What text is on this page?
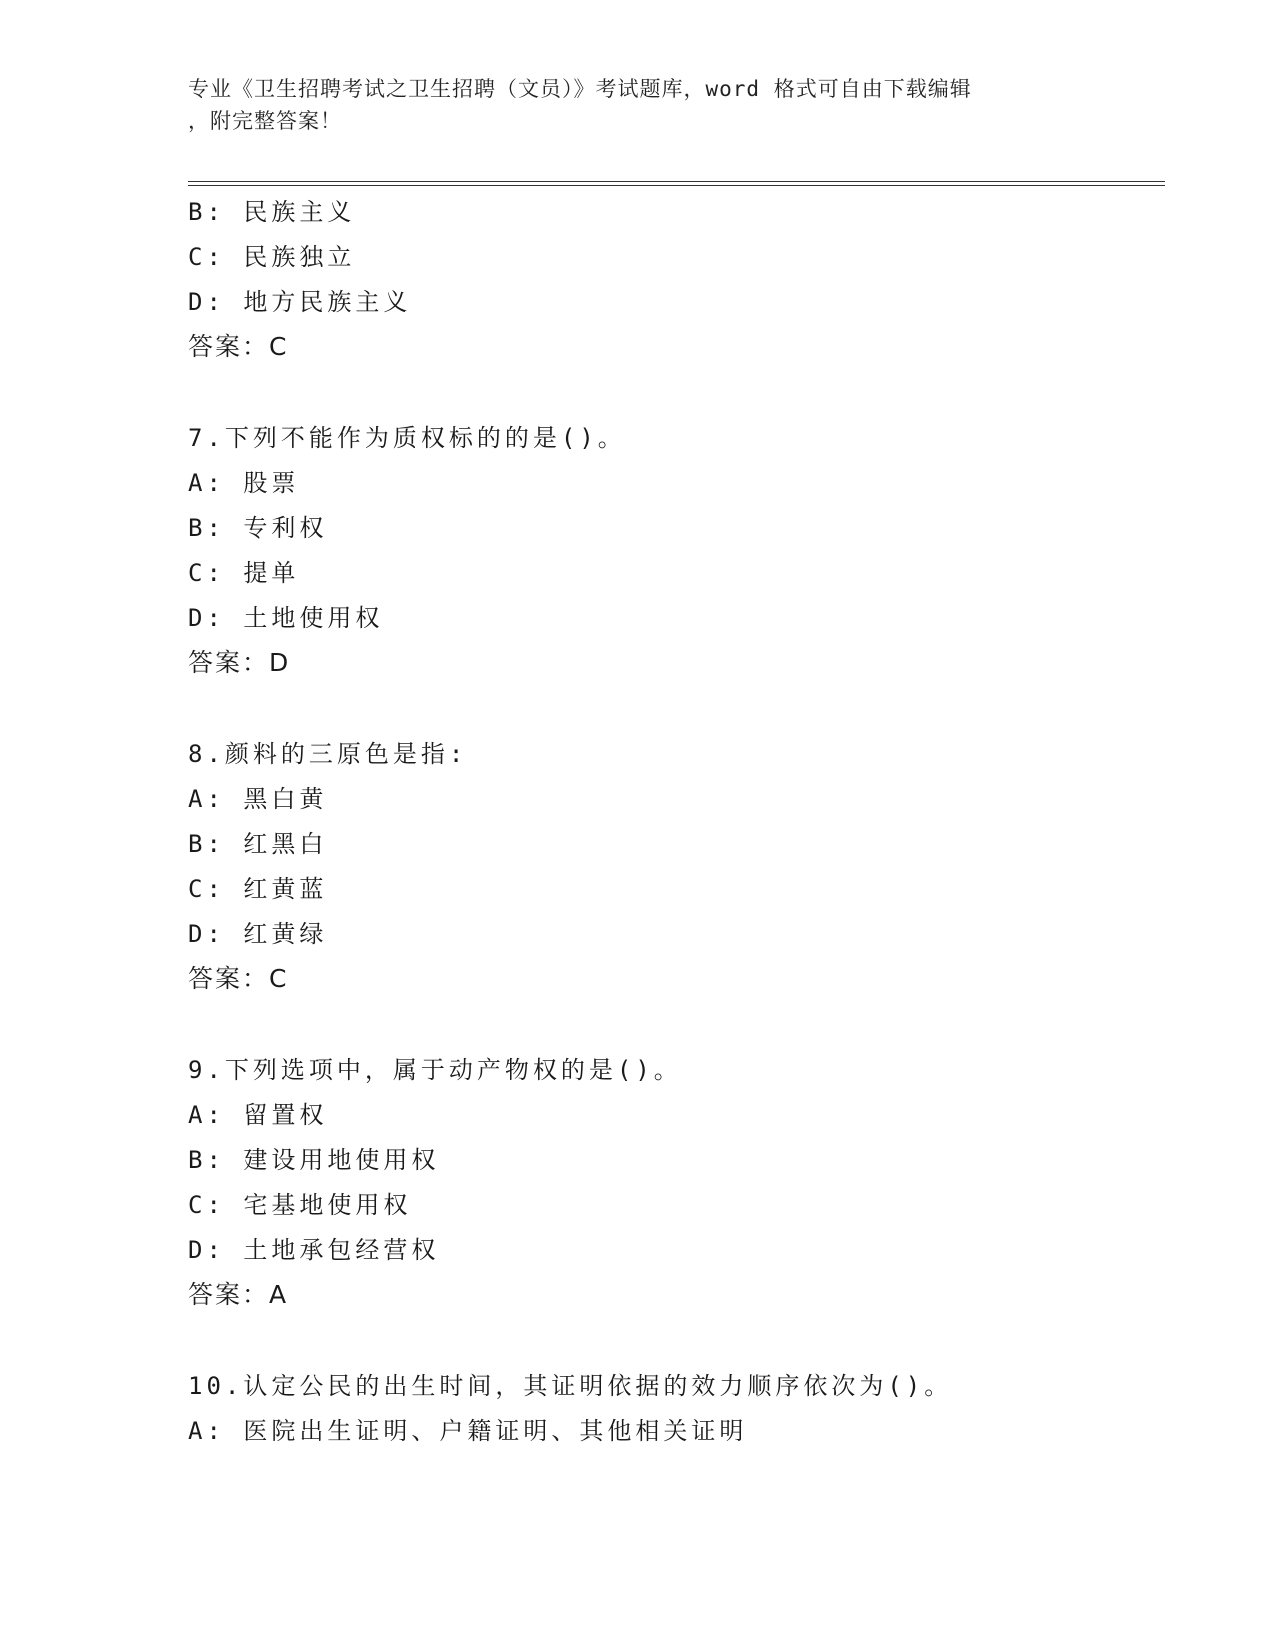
专业《卫生招聘考试之卫生招聘（文员）》考试题库，word 格式可自由下载编辑
，附完整答案！
B: 民族主义
C: 民族独立
D: 地方民族主义
答案：C
7.下列不能作为质权标的的是()。
A: 股票
B: 专利权
C: 提单
D: 土地使用权
答案：D
8.颜料的三原色是指:
A: 黑白黄
B: 红黑白
C: 红黄蓝
D: 红黄绿
答案：C
9.下列选项中，属于动产物权的是()。
A: 留置权
B: 建设用地使用权
C: 宅基地使用权
D: 土地承包经营权
答案：A
10.认定公民的出生时间，其证明依据的效力顺序依次为()。
A: 医院出生证明、户籍证明、其他相关证明
